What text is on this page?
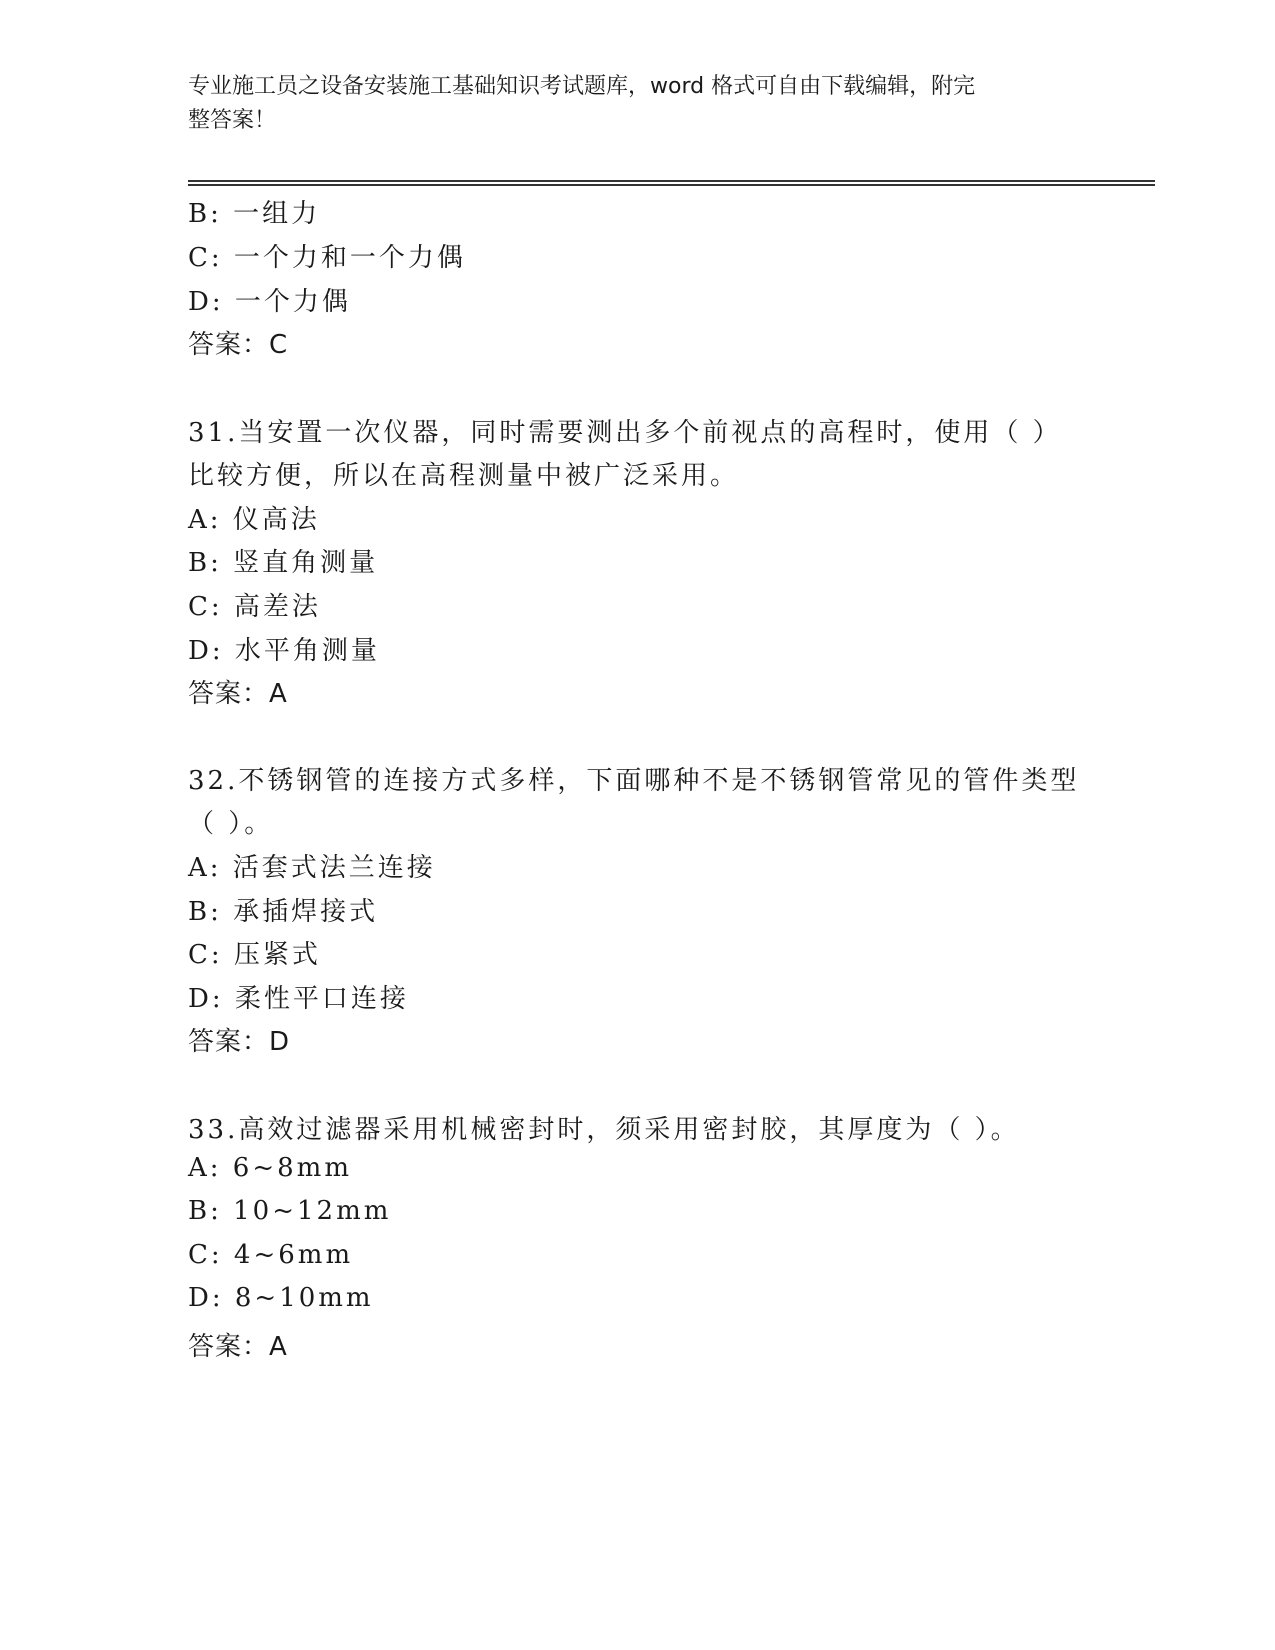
专业施工员之设备安装施工基础知识考试题库，word 格式可自由下载编辑，附完
整答案！
B: 一组力
C: 一个力和一个力偶
D: 一个力偶
答案：C
31.当安置一次仪器，同时需要测出多个前视点的高程时，使用（ ）
比较方便，所以在高程测量中被广泛采用。
A: 仪高法
B: 竖直角测量
C: 高差法
D: 水平角测量
答案：A
32.不锈钢管的连接方式多样，下面哪种不是不锈钢管常见的管件类型
（ ）。
A: 活套式法兰连接
B: 承插焊接式
C: 压紧式
D: 柔性平口连接
答案：D
33.高效过滤器采用机械密封时，须采用密封胶，其厚度为（ ）。
A: 6~8mm
B: 10~12mm
C: 4~6mm
D: 8~10mm
答案：A
